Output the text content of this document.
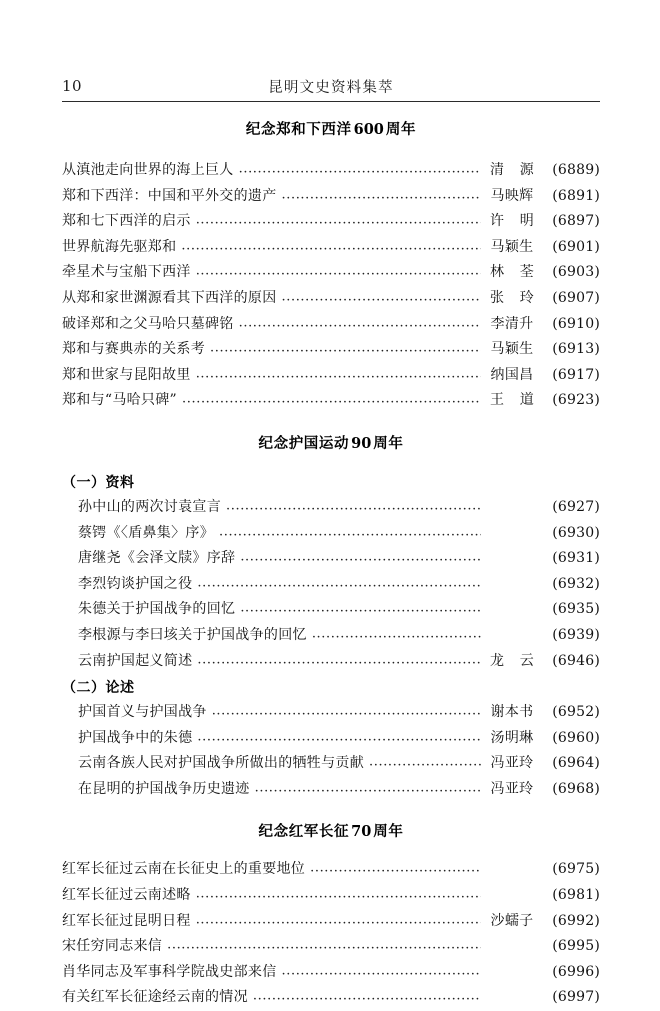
10	昆明文史资料集萃
纪念郑和下西洋 600 周年
从滇池走向世界的海上巨人 ·····	清 源	(6889)
郑和下西洋：中国和平外交的遗产 ·····	马映辉	(6891)
郑和七下西洋的启示 ·····	许 明	(6897)
世界航海先驱郑和 ·····	马颖生	(6901)
牵星术与宝船下西洋 ·····	林 荃	(6903)
从郑和家世渊源看其下西洋的原因 ·····	张 玲	(6907)
破译郑和之父马哈只墓碑铭 ·····	李清升	(6910)
郑和与赛典赤的关系考 ·····	马颖生	(6913)
郑和世家与昆阳故里 ·····	纳国昌	(6917)
郑和与“马哈只碑” ·····	王 道	(6923)
纪念护国运动 90 周年
（一）资料
孙中山的两次讨袁宣言 ·····	(6927)
蔡锷《〈盾鼻集〉序》 ·····	(6930)
唐继尧《会泽文牍》序辞 ·····	(6931)
李烈钧谈护国之役 ·····	(6932)
朱德关于护国战争的回忆 ·····	(6935)
李根源与李曰垓关于护国战争的回忆 ·····	(6939)
云南护国起义简述 ·····	龙 云	(6946)
（二）论述
护国首义与护国战争 ·····	谢本书	(6952)
护国战争中的朱德 ·····	汤明琳	(6960)
云南各族人民对护国战争所做出的牺牲与贡献 ·····	冯亚玲	(6964)
在昆明的护国战争历史遗迹 ·····	冯亚玲	(6968)
纪念红军长征 70 周年
红军长征过云南在长征史上的重要地位 ·····	(6975)
红军长征过云南述略 ·····	(6981)
红军长征过昆明日程 ·····	沙蠕子	(6992)
宋任穷同志来信 ·····	(6995)
肖华同志及军事科学院战史部来信 ·····	(6996)
有关红军长征途经云南的情况 ·····	(6997)
